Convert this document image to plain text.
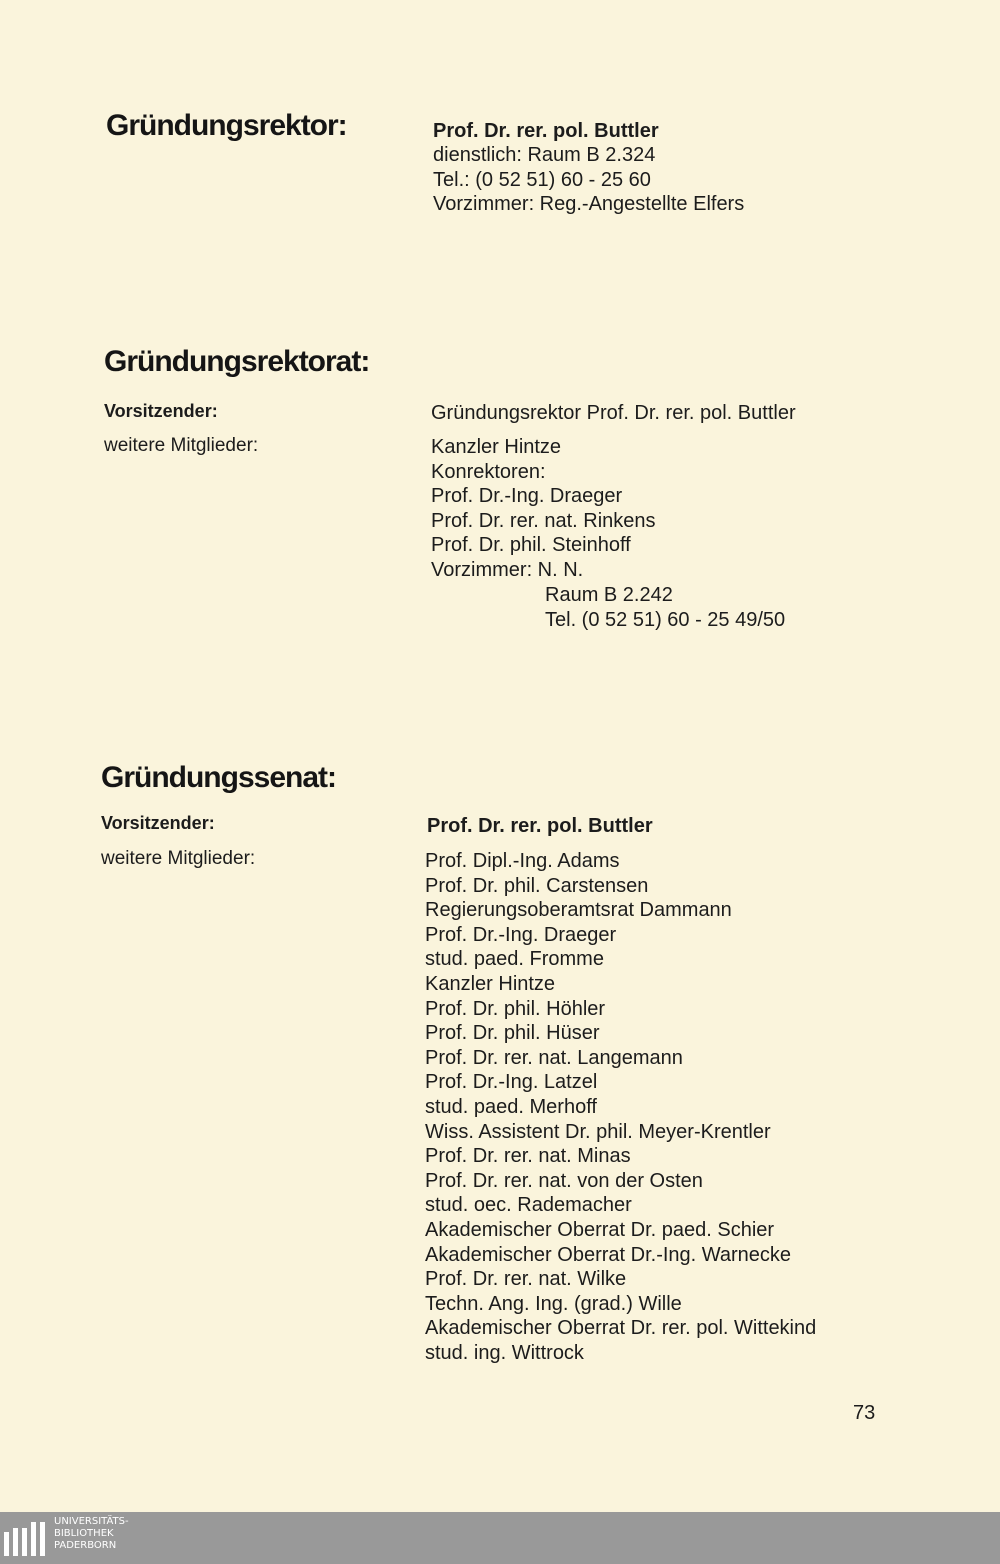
Gründungsrektor:	Prof. Dr. rer. pol. Buttler
dienstlich: Raum B 2.324
Tel.: (0 52 51) 60 - 25 60
Vorzimmer: Reg.-Angestellte Elfers
Gründungsrektorat:
Vorsitzender:	Gründungsrektor Prof. Dr. rer. pol. Buttler
weitere Mitglieder:	Kanzler Hintze
Konrektoren:
Prof. Dr.-Ing. Draeger
Prof. Dr. rer. nat. Rinkens
Prof. Dr. phil. Steinhoff
Vorzimmer: N. N.
Raum B 2.242
Tel. (0 52 51) 60 - 25 49/50
Gründungssenat:
Vorsitzender:	Prof. Dr. rer. pol. Buttler
weitere Mitglieder:	Prof. Dipl.-Ing. Adams
Prof. Dr. phil. Carstensen
Regierungsoberamtsrat Dammann
Prof. Dr.-Ing. Draeger
stud. paed. Fromme
Kanzler Hintze
Prof. Dr. phil. Höhler
Prof. Dr. phil. Hüser
Prof. Dr. rer. nat. Langemann
Prof. Dr.-Ing. Latzel
stud. paed. Merhoff
Wiss. Assistent Dr. phil. Meyer-Krentler
Prof. Dr. rer. nat. Minas
Prof. Dr. rer. nat. von der Osten
stud. oec. Rademacher
Akademischer Oberrat Dr. paed. Schier
Akademischer Oberrat Dr.-Ing. Warnecke
Prof. Dr. rer. nat. Wilke
Techn. Ang. Ing. (grad.) Wille
Akademischer Oberrat Dr. rer. pol. Wittekind
stud. ing. Wittrock
73
UNIVERSITÄTS-
BIBLIOTHEK
PADERBORN
